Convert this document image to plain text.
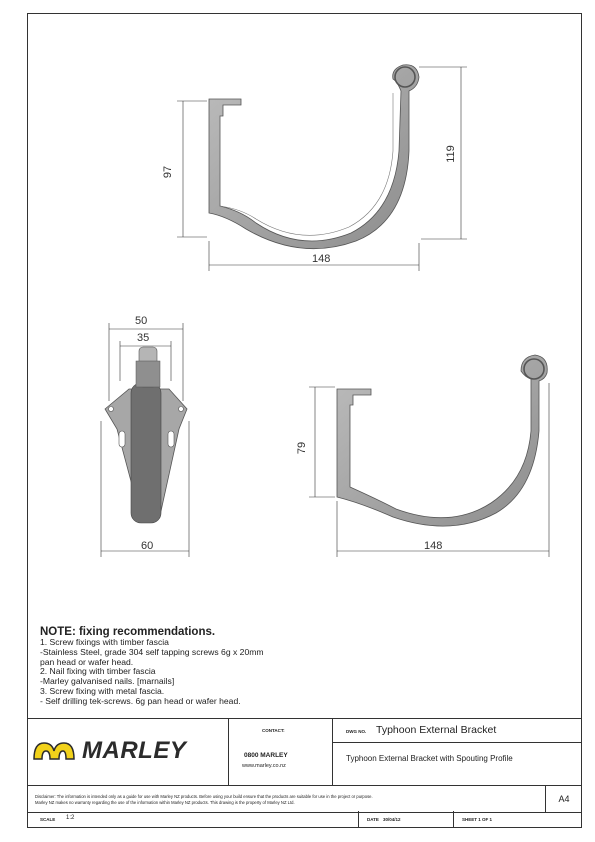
148
97
119
50
35
60	148
79
NOTE: fixing recommendations.
1. Screw fixings with timber fascia
-Stainless Steel, grade 304 self tapping screws 6g x 20mm
pan head or wafer head.
2. Nail fixing with timber fascia
-Marley galvanised nails. [marnails]
3. Screw fixing with metal fascia.
- Self drilling tek-screws. 6g pan head or wafer head.
MARLEY
CONTACT:
0800 MARLEY
www.marley.co.nz
DWG NO. Typhoon External Bracket
Typhoon External Bracket with Spouting Profile
Disclaimer: The information is intended only as a guide for use with Marley NZ products. Before using your build ensure that the products are suitable for use in the project or purpose.
Marley NZ makes no warranty regarding the use of the information within Marley NZ products. This drawing is the property of Marley NZ Ltd.	A4
SCALE 1:2	DATE 30/04/12	SHEET 1 OF 1
